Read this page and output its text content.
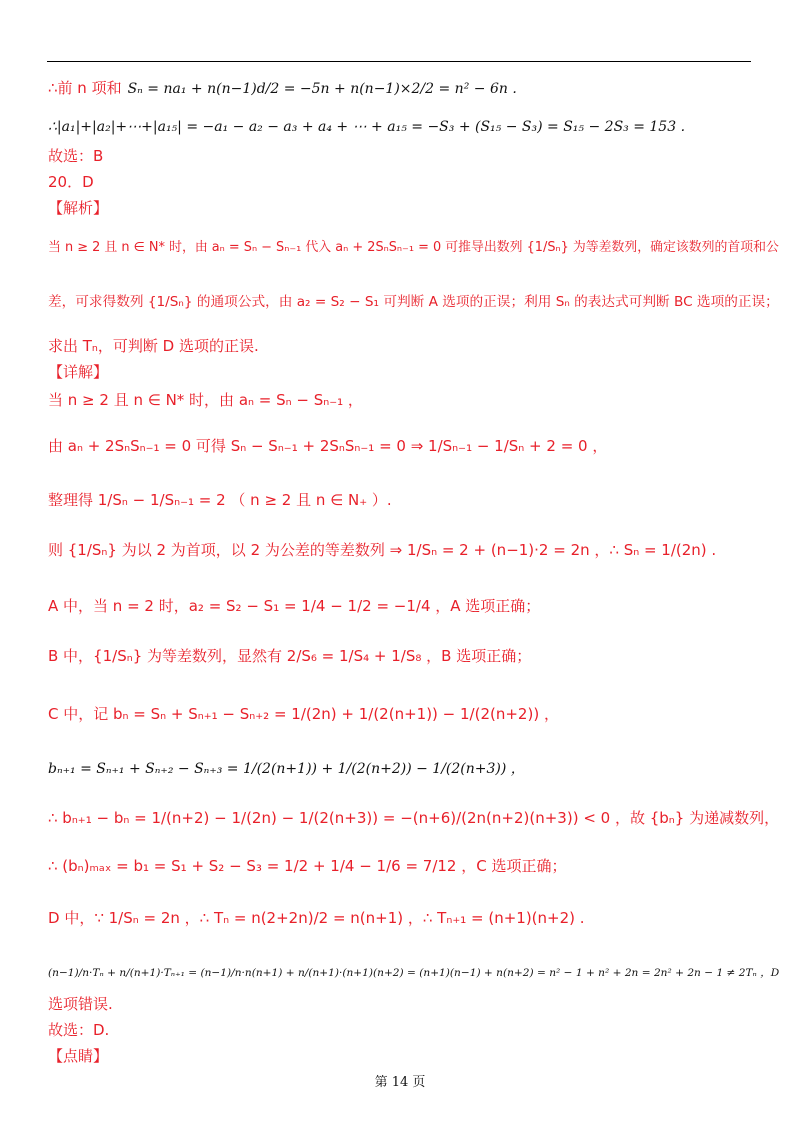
∴前 n 项和 Sₙ = na₁ + n(n−1)d/2 = −5n + n(n−1)×2/2 = n² − 6n .
∴|a₁|+|a₂|+⋯+|a₁₅| = −a₁ − a₂ − a₃ + a₄ + ⋯ + a₁₅ = −S₃ + (S₁₅ − S₃) = S₁₅ − 2S₃ = 153 .
故选：B
20．D
【解析】
当 n ≥ 2 且 n ∈ N* 时，由 aₙ = Sₙ − Sₙ₋₁ 代入 aₙ + 2SₙSₙ₋₁ = 0 可推导出数列 {1/Sₙ} 为等差数列，确定该数列的首项和公
差，可求得数列 {1/Sₙ} 的通项公式，由 a₂ = S₂ − S₁ 可判断 A 选项的正误；利用 Sₙ 的表达式可判断 BC 选项的正误；
求出 Tₙ，可判断 D 选项的正误.
【详解】
当 n ≥ 2 且 n ∈ N* 时，由 aₙ = Sₙ − Sₙ₋₁ ，
由 aₙ + 2SₙSₙ₋₁ = 0 可得 Sₙ − Sₙ₋₁ + 2SₙSₙ₋₁ = 0 ⇒ 1/Sₙ₋₁ − 1/Sₙ + 2 = 0 ，
整理得 1/Sₙ − 1/Sₙ₋₁ = 2 （ n ≥ 2 且 n ∈ N₊ ）.
则 {1/Sₙ} 为以 2 为首项，以 2 为公差的等差数列 ⇒ 1/Sₙ = 2 + (n−1)·2 = 2n ，∴ Sₙ = 1/(2n) .
A 中，当 n = 2 时，a₂ = S₂ − S₁ = 1/4 − 1/2 = −1/4 ，A 选项正确；
B 中，{1/Sₙ} 为等差数列，显然有 2/S₆ = 1/S₄ + 1/S₈ ，B 选项正确；
C 中，记 bₙ = Sₙ + Sₙ₊₁ − Sₙ₊₂ = 1/(2n) + 1/(2(n+1)) − 1/(2(n+2)) ，
bₙ₊₁ = Sₙ₊₁ + Sₙ₊₂ − Sₙ₊₃ = 1/(2(n+1)) + 1/(2(n+2)) − 1/(2(n+3)) ，
∴ bₙ₊₁ − bₙ = 1/(n+2) − 1/(2n) − 1/(2(n+3)) = −(n+6)/(2n(n+2)(n+3)) < 0 ，故 {bₙ} 为递减数列，
∴ (bₙ)ₘₐₓ = b₁ = S₁ + S₂ − S₃ = 1/2 + 1/4 − 1/6 = 7/12 ，C 选项正确；
D 中，∵ 1/Sₙ = 2n ，∴ Tₙ = n(2+2n)/2 = n(n+1) ，∴ Tₙ₊₁ = (n+1)(n+2) .
(n−1)/n·Tₙ + n/(n+1)·Tₙ₊₁ = (n−1)/n·n(n+1) + n/(n+1)·(n+1)(n+2) = (n+1)(n−1) + n(n+2) = n² − 1 + n² + 2n = 2n² + 2n − 1 ≠ 2Tₙ ，D
选项错误.
故选：D.
【点睛】
第 14 页
